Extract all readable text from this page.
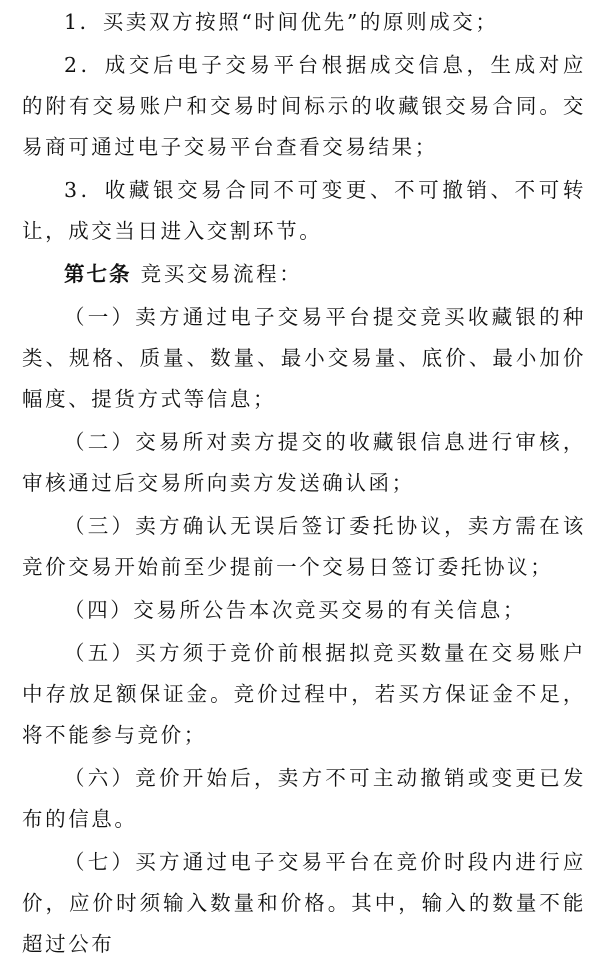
1．买卖双方按照“时间优先”的原则成交；

2．成交后电子交易平台根据成交信息，生成对应的附有交易账户和交易时间标示的收藏银交易合同。交易商可通过电子交易平台查看交易结果；

3．收藏银交易合同不可变更、不可撤销、不可转让，成交当日进入交割环节。

第七条 竞买交易流程：

（一）卖方通过电子交易平台提交竞买收藏银的种类、规格、质量、数量、最小交易量、底价、最小加价幅度、提货方式等信息；

（二）交易所对卖方提交的收藏银信息进行审核，审核通过后交易所向卖方发送确认函；

（三）卖方确认无误后签订委托协议，卖方需在该竞价交易开始前至少提前一个交易日签订委托协议；

（四）交易所公告本次竞买交易的有关信息；

（五）买方须于竞价前根据拟竞买数量在交易账户中存放足额保证金。竞价过程中，若买方保证金不足，将不能参与竞价；

（六）竞价开始后，卖方不可主动撤销或变更已发布的信息。

（七）买方通过电子交易平台在竞价时段内进行应价，应价时须输入数量和价格。其中，输入的数量不能超过公布
